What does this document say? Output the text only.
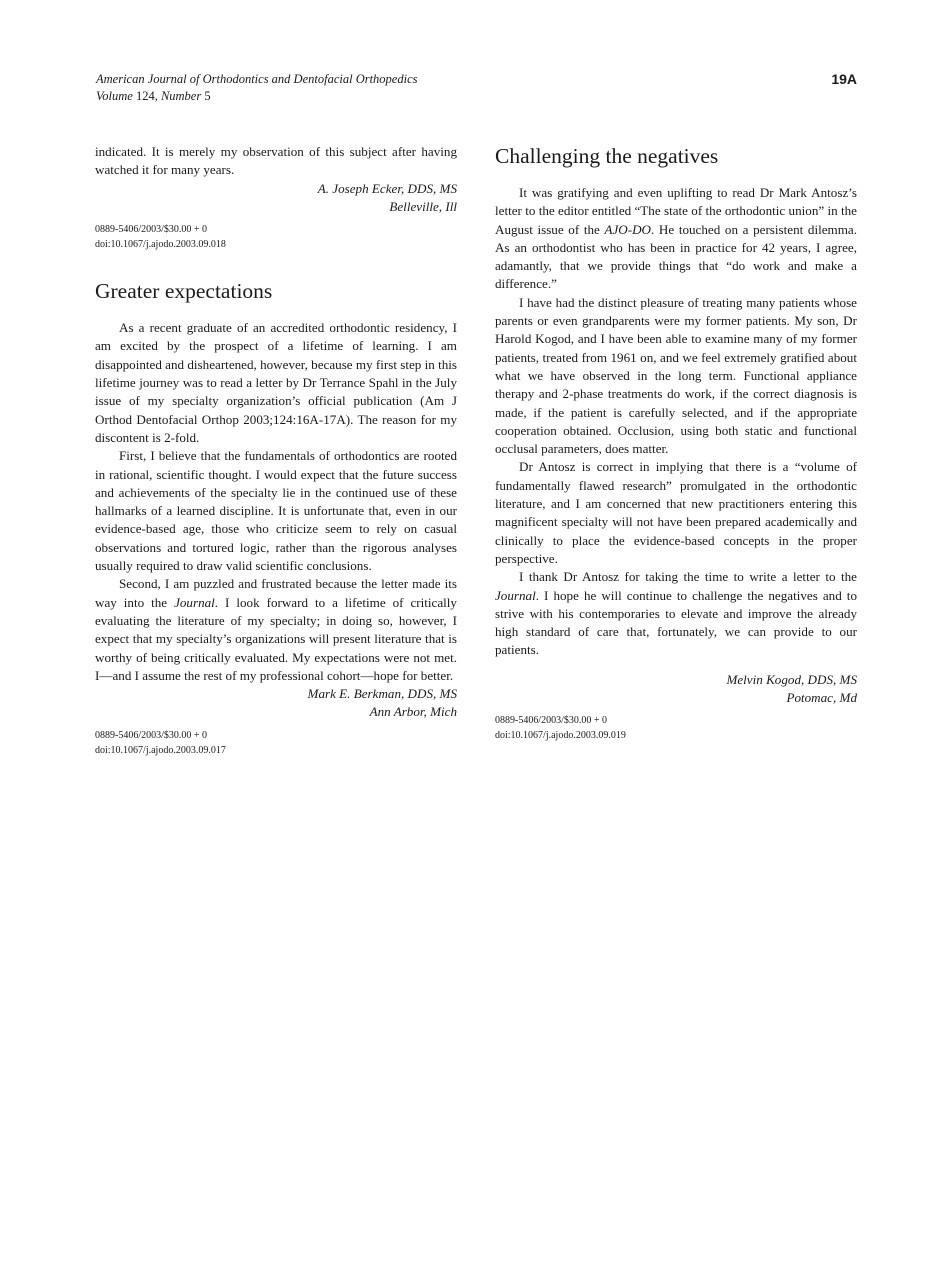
American Journal of Orthodontics and Dentofacial Orthopedics
Volume 124, Number 5
19A

indicated. It is merely my observation of this subject after having watched it for many years.

A. Joseph Ecker, DDS, MS
Belleville, Ill
0889-5406/2003/$30.00 + 0
doi:10.1067/j.ajodo.2003.09.018
Greater expectations

As a recent graduate of an accredited orthodontic residency, I am excited by the prospect of a lifetime of learning. I am disappointed and disheartened, however, because my first step in this lifetime journey was to read a letter by Dr Terrance Spahl in the July issue of my specialty organization’s official publication (Am J Orthod Dentofacial Orthop 2003;124:16A-17A). The reason for my discontent is 2-fold.

First, I believe that the fundamentals of orthodontics are rooted in rational, scientific thought. I would expect that the future success and achievements of the specialty lie in the continued use of these hallmarks of a learned discipline. It is unfortunate that, even in our evidence-based age, those who criticize seem to rely on casual observations and tortured logic, rather than the rigorous analyses usually required to draw valid scientific conclusions.

Second, I am puzzled and frustrated because the letter made its way into the Journal. I look forward to a lifetime of critically evaluating the literature of my specialty; in doing so, however, I expect that my specialty’s organizations will present literature that is worthy of being critically evaluated. My expectations were not met. I—and I assume the rest of my professional cohort—hope for better.

Mark E. Berkman, DDS, MS
Ann Arbor, Mich
0889-5406/2003/$30.00 + 0
doi:10.1067/j.ajodo.2003.09.017
Challenging the negatives

It was gratifying and even uplifting to read Dr Mark Antosz’s letter to the editor entitled “The state of the orthodontic union” in the August issue of the AJO-DO. He touched on a persistent dilemma. As an orthodontist who has been in practice for 42 years, I agree, adamantly, that we provide things that “do work and make a difference.”

I have had the distinct pleasure of treating many patients whose parents or even grandparents were my former patients. My son, Dr Harold Kogod, and I have been able to examine many of my former patients, treated from 1961 on, and we feel extremely gratified about what we have observed in the long term. Functional appliance therapy and 2-phase treatments do work, if the correct diagnosis is made, if the patient is carefully selected, and if the appropriate cooperation obtained. Occlusion, using both static and functional occlusal parameters, does matter.

Dr Antosz is correct in implying that there is a “volume of fundamentally flawed research” promulgated in the orthodontic literature, and I am concerned that new practitioners entering this magnificent specialty will not have been prepared academically and clinically to place the evidence-based concepts in the proper perspective.

I thank Dr Antosz for taking the time to write a letter to the Journal. I hope he will continue to challenge the negatives and to strive with his contemporaries to elevate and improve the already high standard of care that, fortunately, we can provide to our patients.

Melvin Kogod, DDS, MS
Potomac, Md
0889-5406/2003/$30.00 + 0
doi:10.1067/j.ajodo.2003.09.019
